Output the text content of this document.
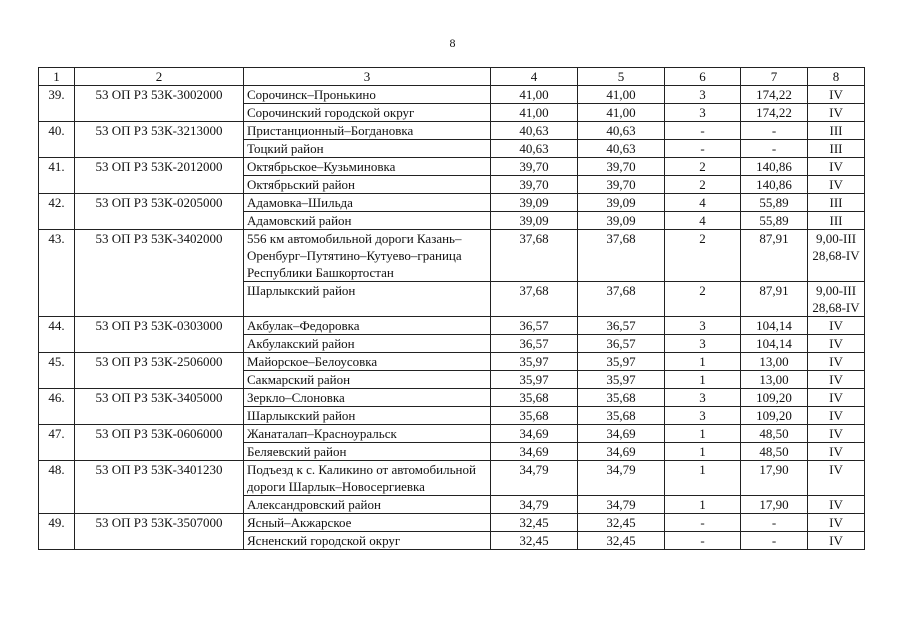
8
1	2	3	4	5	6	7	8
39.	53 ОП РЗ 53К-3002000	Сорочинск–Пронькино	41,00	41,00	3	174,22	IV
		Сорочинский городской округ	41,00	41,00	3	174,22	IV
40.	53 ОП РЗ 53К-3213000	Пристанционный–Богдановка	40,63	40,63	-	-	III
		Тоцкий район	40,63	40,63	-	-	III
41.	53 ОП РЗ 53К-2012000	Октябрьское–Кузьминовка	39,70	39,70	2	140,86	IV
		Октябрьский район	39,70	39,70	2	140,86	IV
42.	53 ОП РЗ 53К-0205000	Адамовка–Шильда	39,09	39,09	4	55,89	III
		Адамовский район	39,09	39,09	4	55,89	III
43.	53 ОП РЗ 53К-3402000	556 км автомобильной дороги Казань–Оренбург–Путятино–Кутуево–граница Республики Башкортостан	37,68	37,68	2	87,91	9,00-III 28,68-IV
		Шарлыкский район	37,68	37,68	2	87,91	9,00-III 28,68-IV
44.	53 ОП РЗ 53К-0303000	Акбулак–Федоровка	36,57	36,57	3	104,14	IV
		Акбулакский район	36,57	36,57	3	104,14	IV
45.	53 ОП РЗ 53К-2506000	Майорское–Белоусовка	35,97	35,97	1	13,00	IV
		Сакмарский район	35,97	35,97	1	13,00	IV
46.	53 ОП РЗ 53К-3405000	Зеркло–Слоновка	35,68	35,68	3	109,20	IV
		Шарлыкский район	35,68	35,68	3	109,20	IV
47.	53 ОП РЗ 53К-0606000	Жанаталап–Красноуральск	34,69	34,69	1	48,50	IV
		Беляевский район	34,69	34,69	1	48,50	IV
48.	53 ОП РЗ 53К-3401230	Подъезд к с. Каликино от автомобильной дороги Шарлык–Новосергиевка	34,79	34,79	1	17,90	IV
		Александровский район	34,79	34,79	1	17,90	IV
49.	53 ОП РЗ 53К-3507000	Ясный–Акжарское	32,45	32,45	-	-	IV
		Ясненский городской округ	32,45	32,45	-	-	IV
